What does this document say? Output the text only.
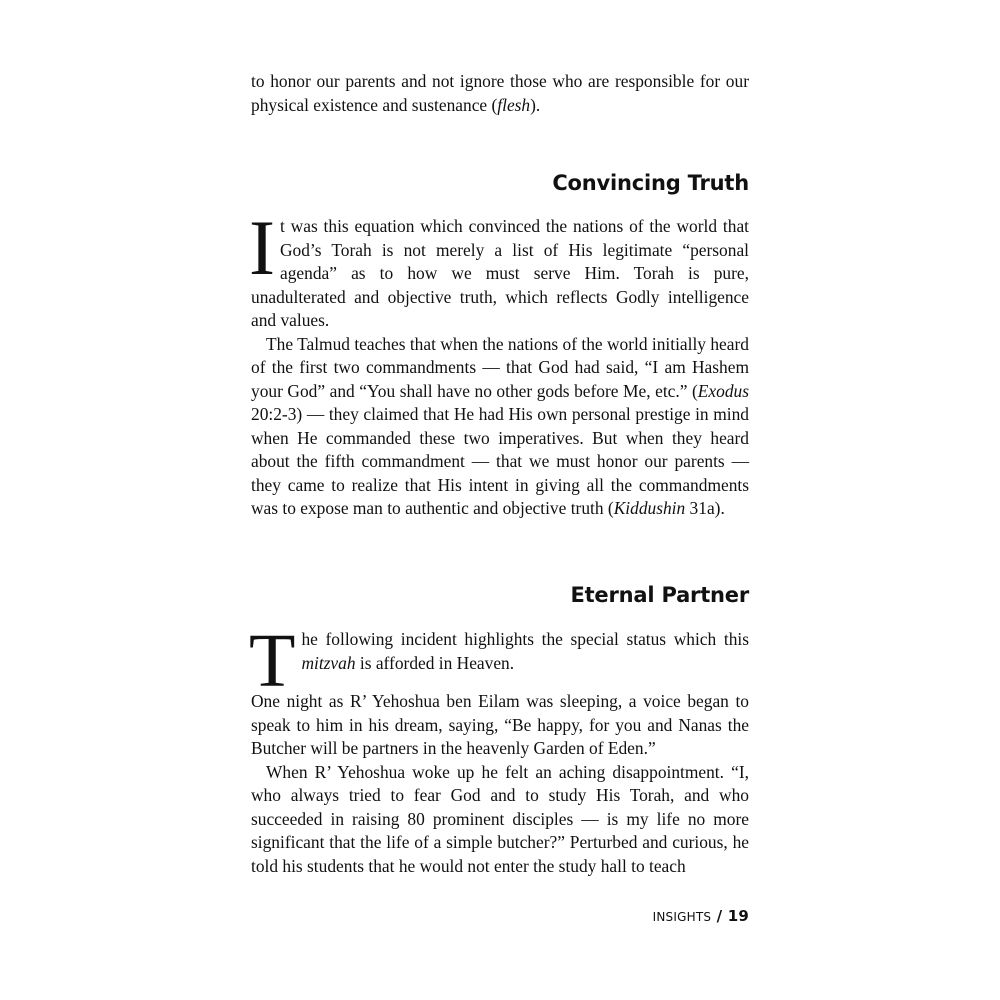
to honor our parents and not ignore those who are responsible for our physical existence and sustenance (flesh).

Convincing Truth

It was this equation which convinced the nations of the world that God’s Torah is not merely a list of His legitimate “personal agenda” as to how we must serve Him. Torah is pure, unadulterated and objective truth, which reflects Godly intelligence and values.

The Talmud teaches that when the nations of the world initially heard of the first two commandments — that God had said, “I am Hashem your God” and “You shall have no other gods before Me, etc.” (Exodus 20:2-3) — they claimed that He had His own personal prestige in mind when He commanded these two imperatives. But when they heard about the fifth commandment — that we must honor our parents — they came to realize that His intent in giving all the commandments was to expose man to authentic and objective truth (Kiddushin 31a).

Eternal Partner

The following incident highlights the special status which this mitzvah is afforded in Heaven.

One night as R’ Yehoshua ben Eilam was sleeping, a voice began to speak to him in his dream, saying, “Be happy, for you and Nanas the Butcher will be partners in the heavenly Garden of Eden.”

When R’ Yehoshua woke up he felt an aching disappointment. “I, who always tried to fear God and to study His Torah, and who succeeded in raising 80 prominent disciples — is my life no more significant that the life of a simple butcher?” Perturbed and curious, he told his students that he would not enter the study hall to teach

INSIGHTS / 19
